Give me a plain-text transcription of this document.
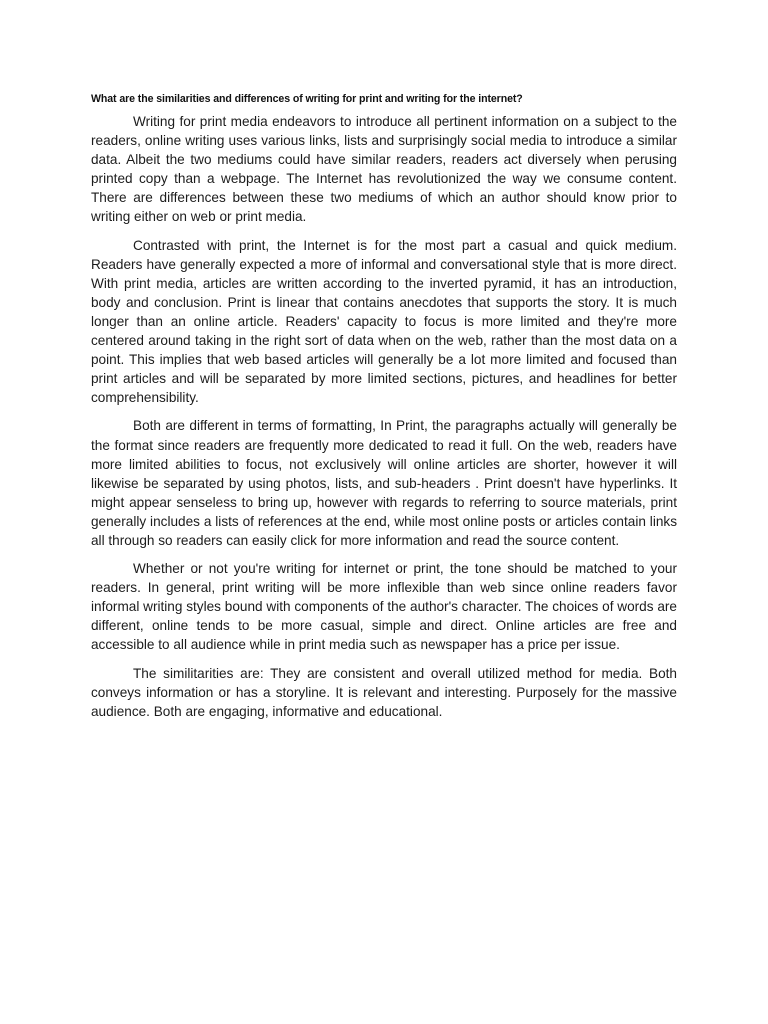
What are the similarities and differences of writing for print and writing for the internet?

Writing for print media endeavors to introduce all pertinent information on a subject to the readers, online writing uses various links, lists and surprisingly social media to introduce a similar data. Albeit the two mediums could have similar readers, readers act diversely when perusing printed copy than a webpage. The Internet has revolutionized the way we consume content. There are differences between these two mediums of which an author should know prior to writing either on web or print media.

Contrasted with print, the Internet is for the most part a casual and quick medium. Readers have generally expected a more of informal and conversational style that is more direct. With print media, articles are written according to the inverted pyramid, it has an introduction, body and conclusion. Print is linear that contains anecdotes that supports the story. It is much longer than an online article. Readers' capacity to focus is more limited and they're more centered around taking in the right sort of data when on the web, rather than the most data on a point. This implies that web based articles will generally be a lot more limited and focused than print articles and will be separated by more limited sections, pictures, and headlines for better comprehensibility.

Both are different in terms of formatting, In Print, the paragraphs actually will generally be the format since readers are frequently more dedicated to read it full. On the web, readers have more limited abilities to focus, not exclusively will online articles are shorter, however it will likewise be separated by using photos, lists, and sub-headers . Print doesn't have hyperlinks. It might appear senseless to bring up, however with regards to referring to source materials, print generally includes a lists of references at the end, while most online posts or articles contain links all through so readers can easily click for more information and read the source content.

Whether or not you're writing for internet or print, the tone should be matched to your readers. In general, print writing will be more inflexible than web since online readers favor informal writing styles bound with components of the author's character. The choices of words are different, online tends to be more casual, simple and direct. Online articles are free and accessible to all audience while in print media such as newspaper has a price per issue.

The similitarities are: They are consistent and overall utilized method for media. Both conveys information or has a storyline. It is relevant and interesting. Purposely for the massive audience. Both are engaging, informative and educational.
